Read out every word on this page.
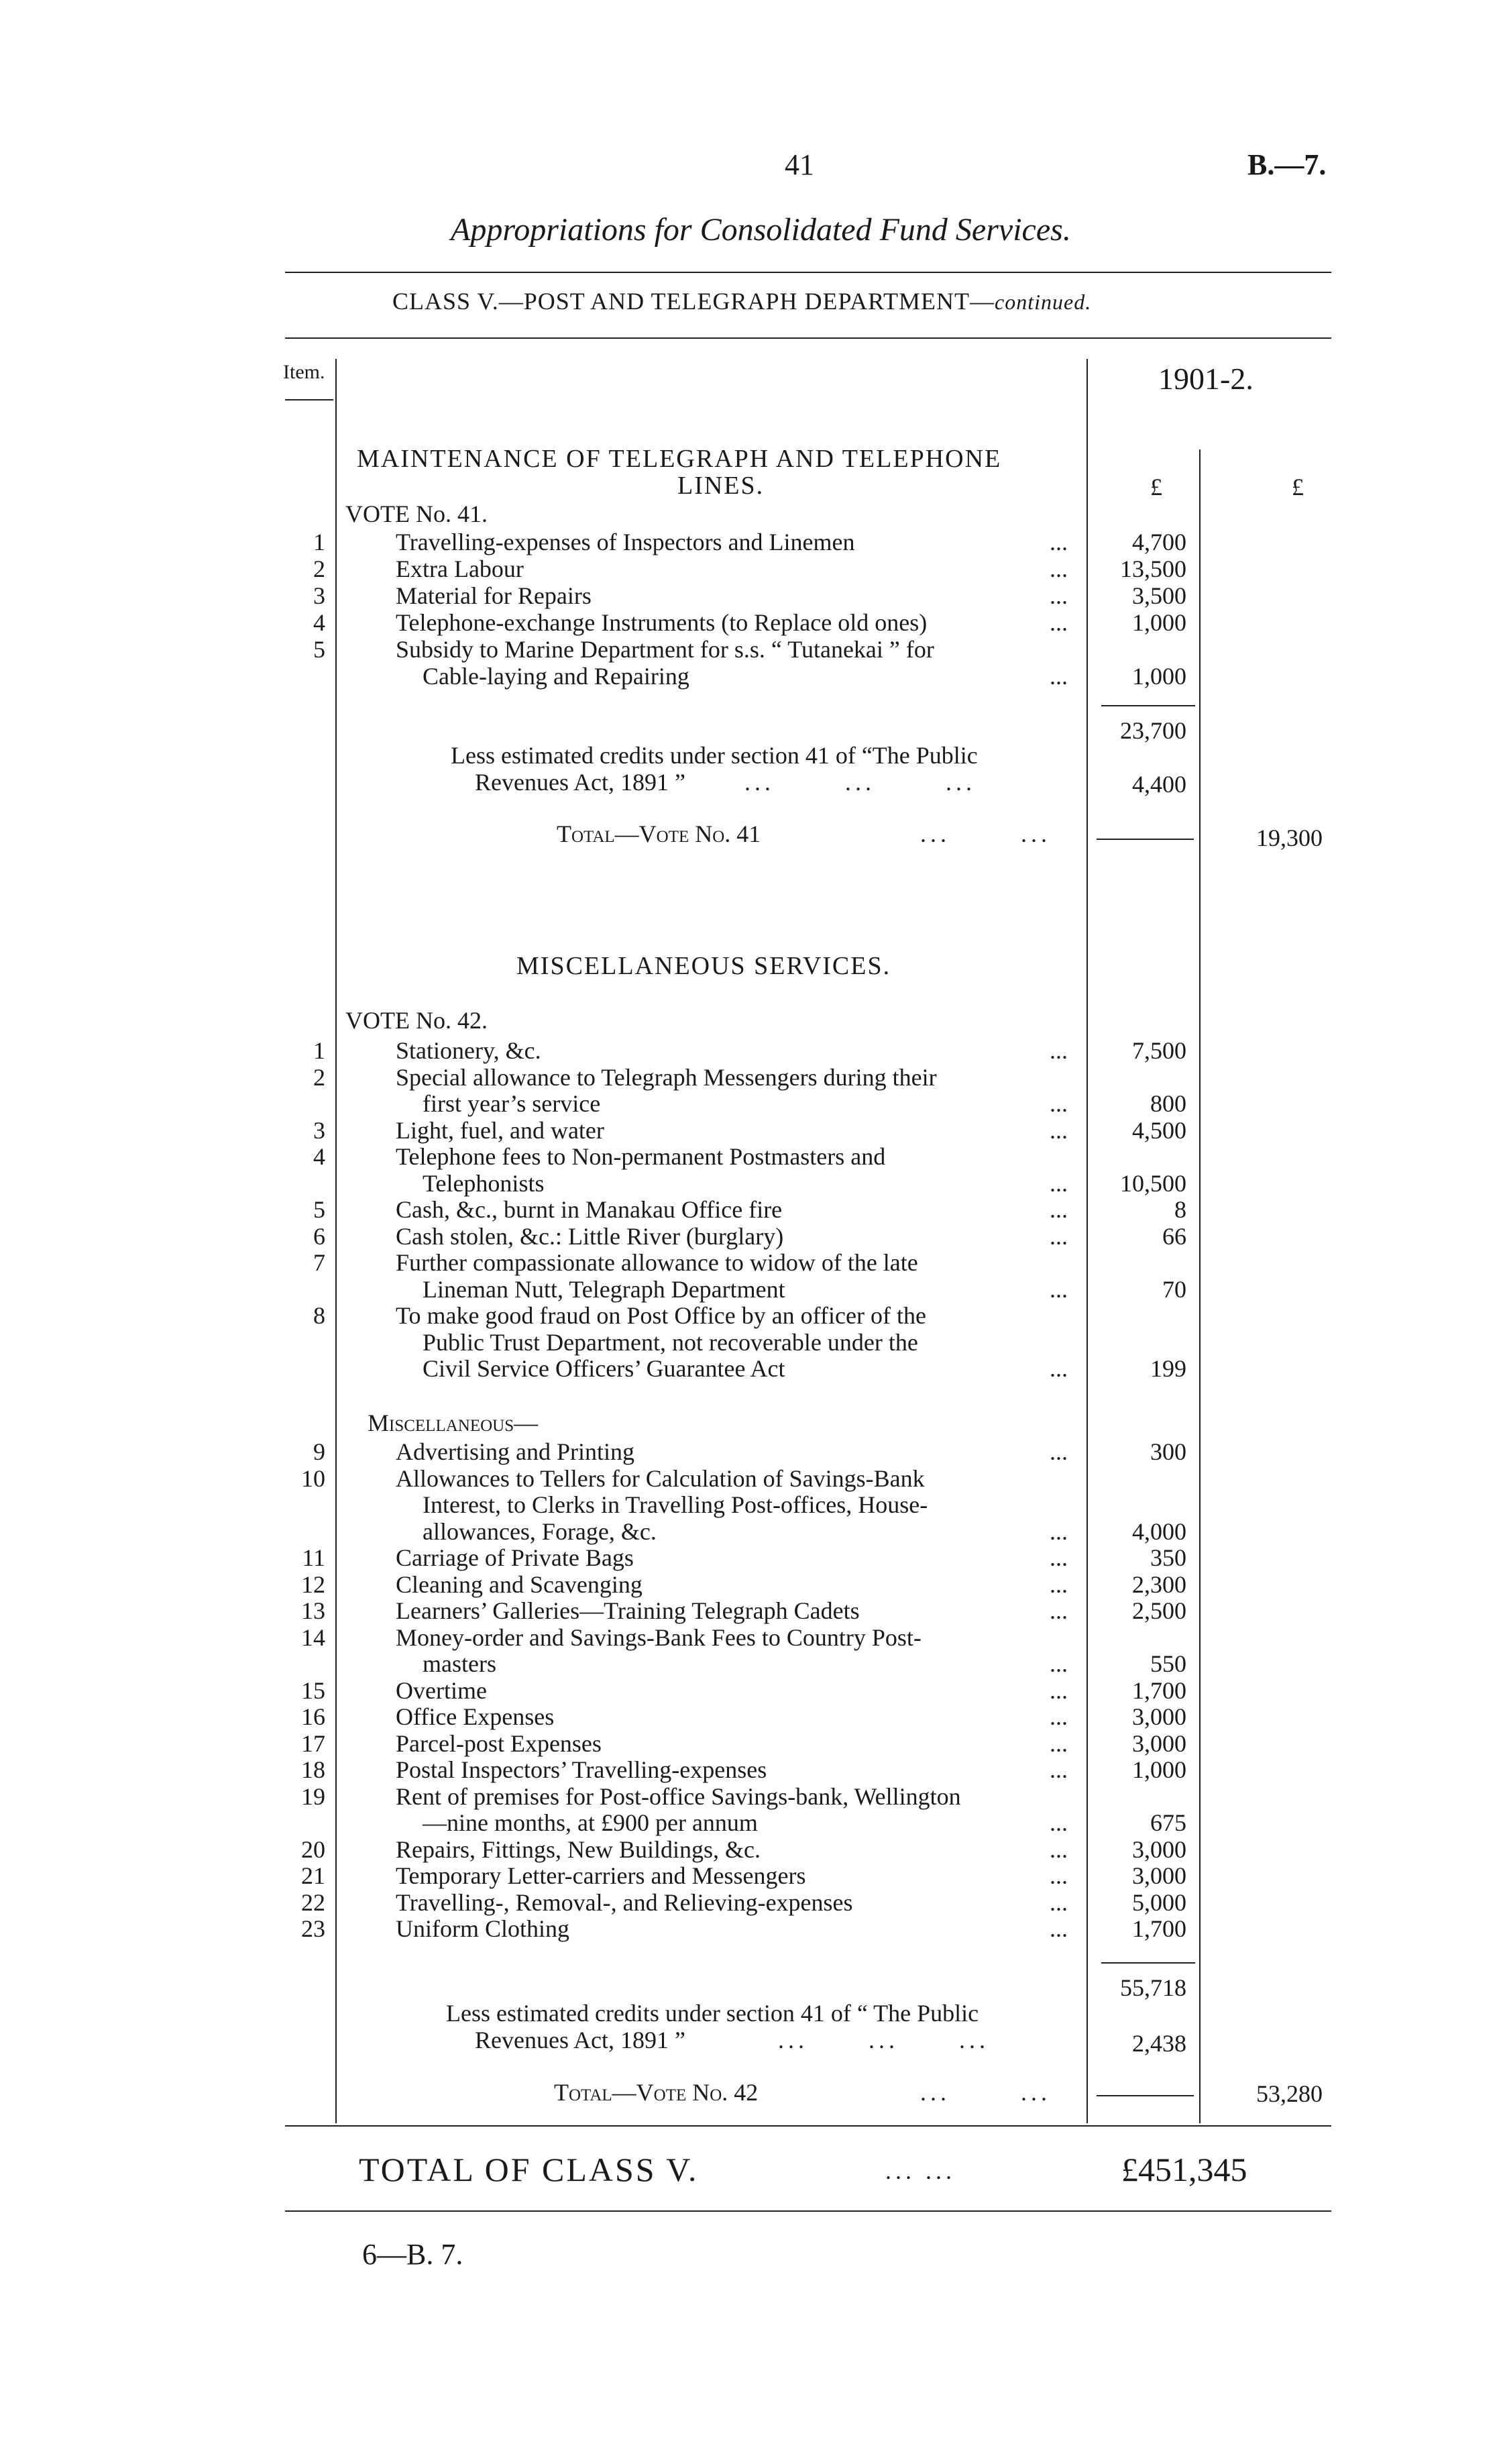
41	B.—7.
Appropriations for Consolidated Fund Services.
CLASS V.—POST AND TELEGRAPH DEPARTMENT—continued.
Item.	1901-2.
£	£
MAINTENANCE OF TELEGRAPH AND TELEPHONE
LINES.
VOTE No. 41.
1	Travelling-expenses of Inspectors and Linemen	...	4,700
2	Extra Labour	... 13,500
3	Material for Repairs	...	3,500
4	Telephone-exchange Instruments (to Replace old ones)	...	1,000
5	Subsidy to Marine Department for s.s. “ Tutanekai ” for
Cable-laying and Repairing	...	1,000
23,700
Less estimated credits under section 41 of “The Public
Revenues Act, 1891 ” ...       ...       ...	4,400
Total—Vote No. 41	...       ...	19,300
MISCELLANEOUS SERVICES.
VOTE No. 42.
1	Stationery, &c.	...	7,500
2	Special allowance to Telegraph Messengers during their
first year’s service	...	800
3	Light, fuel, and water	...	4,500
4	Telephone fees to Non-permanent Postmasters and
Telephonists	... 10,500
5	Cash, &c., burnt in Manakau Office fire	...	8
6	Cash stolen, &c.: Little River (burglary)	...	66
7	Further compassionate allowance to widow of the late
Lineman Nutt, Telegraph Department	...	70
8	To make good fraud on Post Office by an officer of the
Public Trust Department, not recoverable under the
Civil Service Officers’ Guarantee Act	...	199
Miscellaneous—
9	Advertising and Printing	...	300
10	Allowances to Tellers for Calculation of Savings-Bank
Interest, to Clerks in Travelling Post-offices, House-
allowances, Forage, &c.	...	4,000
11	Carriage of Private Bags	...	350
12	Cleaning and Scavenging	...	2,300
13	Learners’ Galleries—Training Telegraph Cadets	...	2,500
14	Money-order and Savings-Bank Fees to Country Post-
masters	...	550
15	Overtime	...	1,700
16	Office Expenses	...	3,000
17	Parcel-post Expenses	...	3,000
18	Postal Inspectors’ Travelling-expenses	...	1,000
19	Rent of premises for Post-office Savings-bank, Wellington
—nine months, at £900 per annum	...	675
20	Repairs, Fittings, New Buildings, &c.	...	3,000
21	Temporary Letter-carriers and Messengers	...	3,000
22	Travelling-, Removal-, and Relieving-expenses	...	5,000
23	Uniform Clothing	...	1,700
55,718
Less estimated credits under section 41 of “ The Public
Revenues Act, 1891 ”	...      ...      ...	2,438
Total—Vote No. 42	...       ...	53,280
TOTAL OF CLASS V.	... ...	£451,345
6—B. 7.
